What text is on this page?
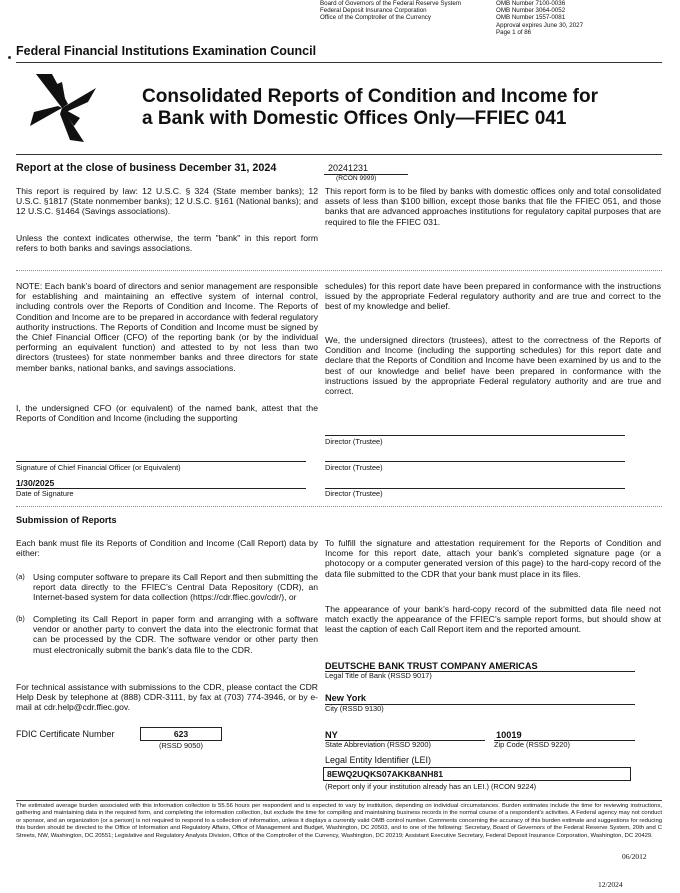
Board of Governors of the Federal Reserve System
Federal Deposit Insurance Corporation
Office of the Comptroller of the Currency
OMB Number 7100-0036
OMB Number 3064-0052
OMB Number 1557-0081
Approval expires June 30, 2027
Page 1 of 86
Federal Financial Institutions Examination Council
Consolidated Reports of Condition and Income for
a Bank with Domestic Offices Only—FFIEC 041
Report at the close of business December 31, 2024	20241231
(RCON 9999)
This report is required by law: 12 U.S.C. § 324 (State member banks); 12 U.S.C. §1817 (State nonmember banks); 12 U.S.C. §161 (National banks); and 12 U.S.C. §1464 (Savings associations).
Unless the context indicates otherwise, the term "bank" in this report form refers to both banks and savings associations.
This report form is to be filed by banks with domestic offices only and total consolidated assets of less than $100 billion, except those banks that file the FFIEC 051, and those banks that are advanced approaches institutions for regulatory capital purposes that are required to file the FFIEC 031.
NOTE: Each bank’s board of directors and senior management are responsible for establishing and maintaining an effective system of internal control, including controls over the Reports of Condition and Income. The Reports of Condition and Income are to be prepared in accordance with federal regulatory authority instructions. The Reports of Condition and Income must be signed by the Chief Financial Officer (CFO) of the reporting bank (or by the individual performing an equivalent function) and attested to by not less than two directors (trustees) for state nonmember banks and three directors for state member banks, national banks, and savings associations.
I, the undersigned CFO (or equivalent) of the named bank, attest that the Reports of Condition and Income (including the supporting
schedules) for this report date have been prepared in conformance with the instructions issued by the appropriate Federal regulatory authority and are true and correct to the best of my knowledge and belief.
We, the undersigned directors (trustees), attest to the correctness of the Reports of Condition and Income (including the supporting schedules) for this report date and declare that the Reports of Condition and Income have been examined by us and to the best of our knowledge and belief have been prepared in conformance with the instructions issued by the appropriate Federal regulatory authority and are true and correct.
Director (Trustee)
Signature of Chief Financial Officer (or Equivalent)	Director (Trustee)
1/30/2025
Date of Signature	Director (Trustee)
Submission of Reports
Each bank must file its Reports of Condition and Income (Call Report) data by either:
(a) Using computer software to prepare its Call Report and then submitting the report data directly to the FFIEC’s Central Data Repository (CDR), an Internet-based system for data collection (https://cdr.ffiec.gov/cdr/), or
(b) Completing its Call Report in paper form and arranging with a software vendor or another party to convert the data into the electronic format that can be processed by the CDR. The software vendor or other party then must electronically submit the bank’s data file to the CDR.
For technical assistance with submissions to the CDR, please contact the CDR Help Desk by telephone at (888) CDR-3111, by fax at (703) 774-3946, or by e-mail at cdr.help@cdr.ffiec.gov.
FDIC Certificate Number	623
(RSSD 9050)
To fulfill the signature and attestation requirement for the Reports of Condition and Income for this report date, attach your bank’s completed signature page (or a photocopy or a computer generated version of this page) to the hard-copy record of the data file submitted to the CDR that your bank must place in its files.
The appearance of your bank’s hard-copy record of the submitted data file need not match exactly the appearance of the FFIEC’s sample report forms, but should show at least the caption of each Call Report item and the reported amount.
DEUTSCHE BANK TRUST COMPANY AMERICAS
Legal Title of Bank (RSSD 9017)
New York
City (RSSD 9130)
NY
State Abbreviation (RSSD 9200)
10019
Zip Code (RSSD 9220)
Legal Entity Identifier (LEI)
8EWQ2UQKS07AKK8ANH81
(Report only if your institution already has an LEI.) (RCON 9224)
The estimated average burden associated with this information collection is 55.56 hours per respondent and is expected to vary by institution, depending on individual circumstances. Burden estimates include the time for reviewing instructions, gathering and maintaining data in the required form, and completing the information collection, but exclude the time for compiling and maintaining business records in the normal course of a respondent’s activities. A Federal agency may not conduct or sponsor, and an organization (or a person) is not required to respond to a collection of information, unless it displays a currently valid OMB control number. Comments concerning the accuracy of this burden estimate and suggestions for reducing this burden should be directed to the Office of Information and Regulatory Affairs, Office of Management and Budget, Washington, DC 20503, and to one of the following: Secretary, Board of Governors of the Federal Reserve System, 20th and C Streets, NW, Washington, DC 20551; Legislative and Regulatory Analysis Division, Office of the Comptroller of the Currency, Washington, DC 20219; Assistant Executive Secretary, Federal Deposit Insurance Corporation, Washington, DC 20429.
06/2012
12/2024
